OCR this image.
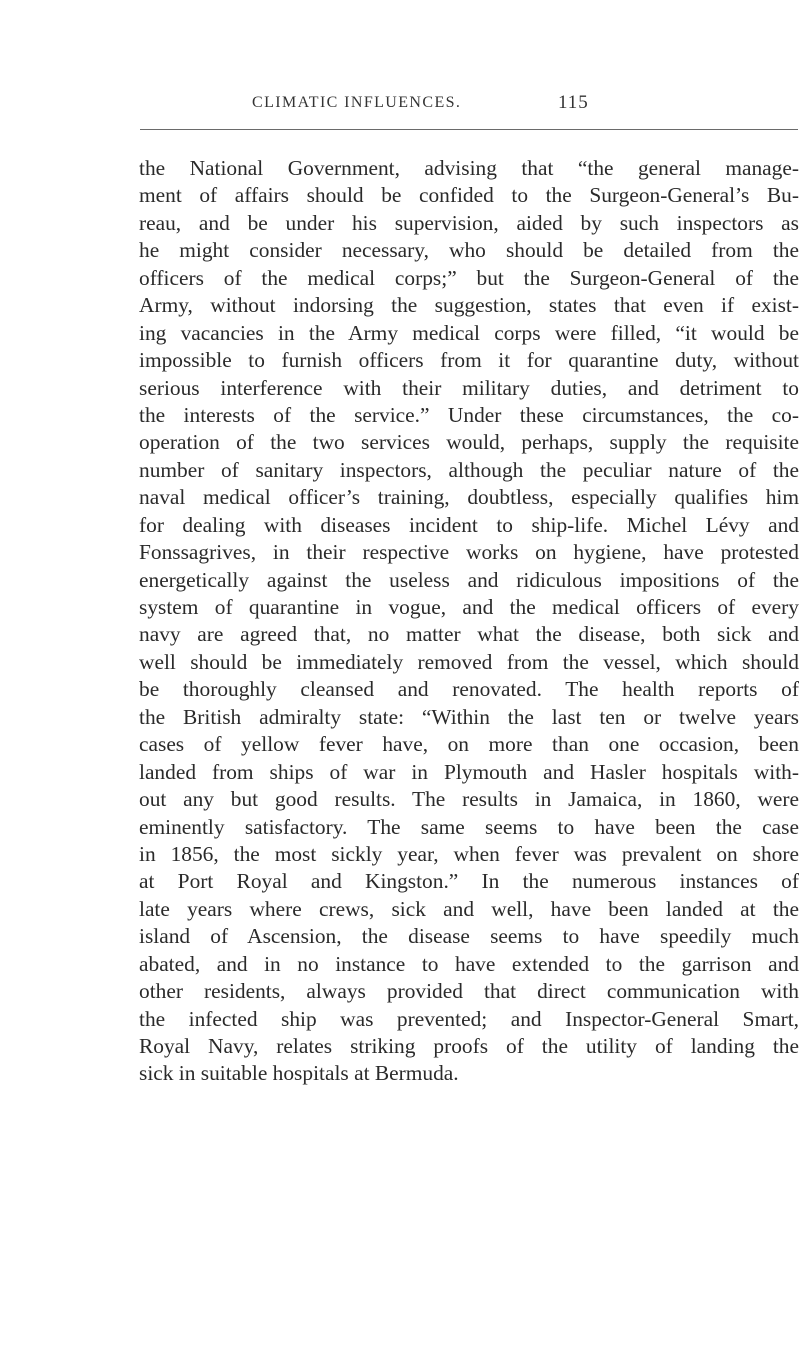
CLIMATIC INFLUENCES.	115
the National Government, advising that “the general manage-
ment of affairs should be confided to the Surgeon-General’s Bu-
reau, and be under his supervision, aided by such inspectors as
he might consider necessary, who should be detailed from the
officers of the medical corps;” but the Surgeon-General of the
Army, without indorsing the suggestion, states that even if exist-
ing vacancies in the Army medical corps were filled, “it would be
impossible to furnish officers from it for quarantine duty, without
serious interference with their military duties, and detriment to
the interests of the service.” Under these circumstances, the co-
operation of the two services would, perhaps, supply the requisite
number of sanitary inspectors, although the peculiar nature of the
naval medical officer’s training, doubtless, especially qualifies him
for dealing with diseases incident to ship-life. Michel Lévy and
Fonssagrives, in their respective works on hygiene, have protested
energetically against the useless and ridiculous impositions of the
system of quarantine in vogue, and the medical officers of every
navy are agreed that, no matter what the disease, both sick and
well should be immediately removed from the vessel, which should
be thoroughly cleansed and renovated. The health reports of
the British admiralty state: “Within the last ten or twelve years
cases of yellow fever have, on more than one occasion, been
landed from ships of war in Plymouth and Hasler hospitals with-
out any but good results. The results in Jamaica, in 1860, were
eminently satisfactory. The same seems to have been the case
in 1856, the most sickly year, when fever was prevalent on shore
at Port Royal and Kingston.” In the numerous instances of
late years where crews, sick and well, have been landed at the
island of Ascension, the disease seems to have speedily much
abated, and in no instance to have extended to the garrison and
other residents, always provided that direct communication with
the infected ship was prevented; and Inspector-General Smart,
Royal Navy, relates striking proofs of the utility of landing the
sick in suitable hospitals at Bermuda.
